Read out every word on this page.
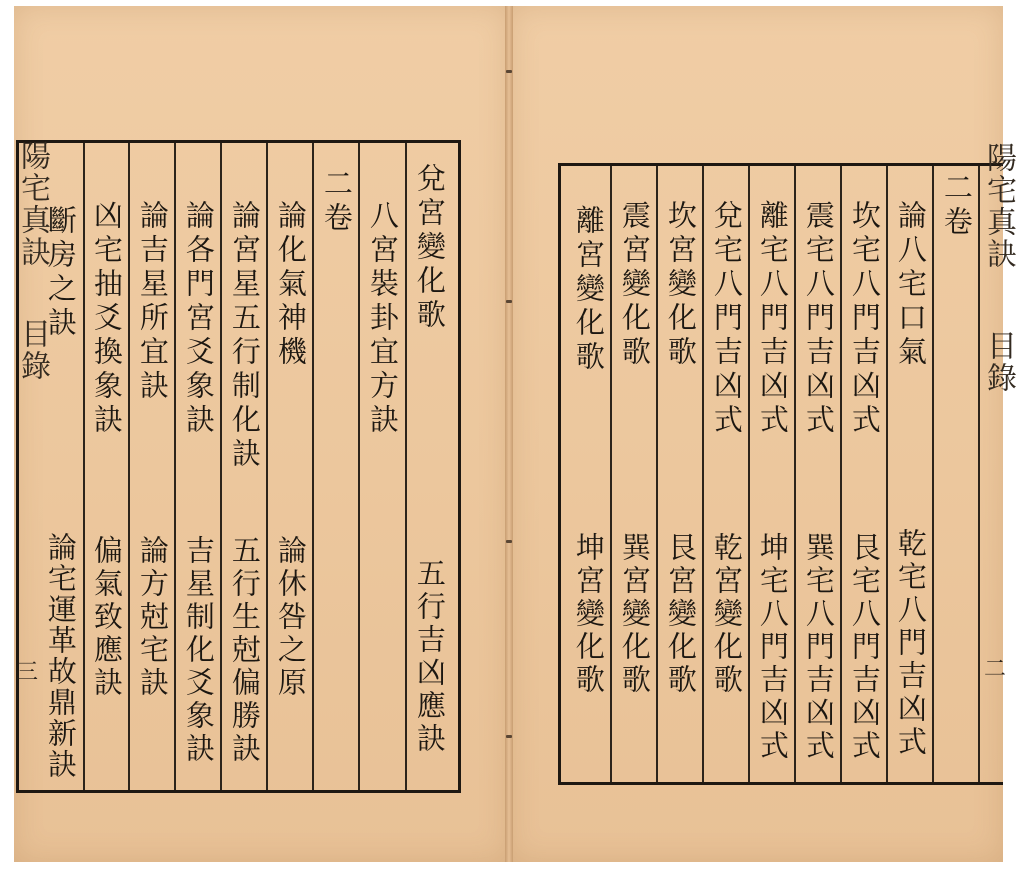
陽宅真訣
目錄
兌宮變化歌
五行吉凶應訣
八宮裝卦宜方訣
二卷
論化氣神機
論休咎之原
論宮星五行制化訣
五行生尅偏勝訣
論各門宮爻象訣
吉星制化爻象訣
論吉星所宜訣
論方尅宅訣
凶宅抽爻換象訣
偏氣致應訣
斷房之訣
論宅運革故鼎新訣
三
陽宅真訣
目錄
二卷
論八宅口氣
乾宅八門吉凶式
坎宅八門吉凶式
艮宅八門吉凶式
震宅八門吉凶式
巽宅八門吉凶式
離宅八門吉凶式
坤宅八門吉凶式
兌宅八門吉凶式
乾宮變化歌
坎宮變化歌
艮宮變化歌
震宮變化歌
巽宮變化歌
離宮變化歌
坤宮變化歌	二
